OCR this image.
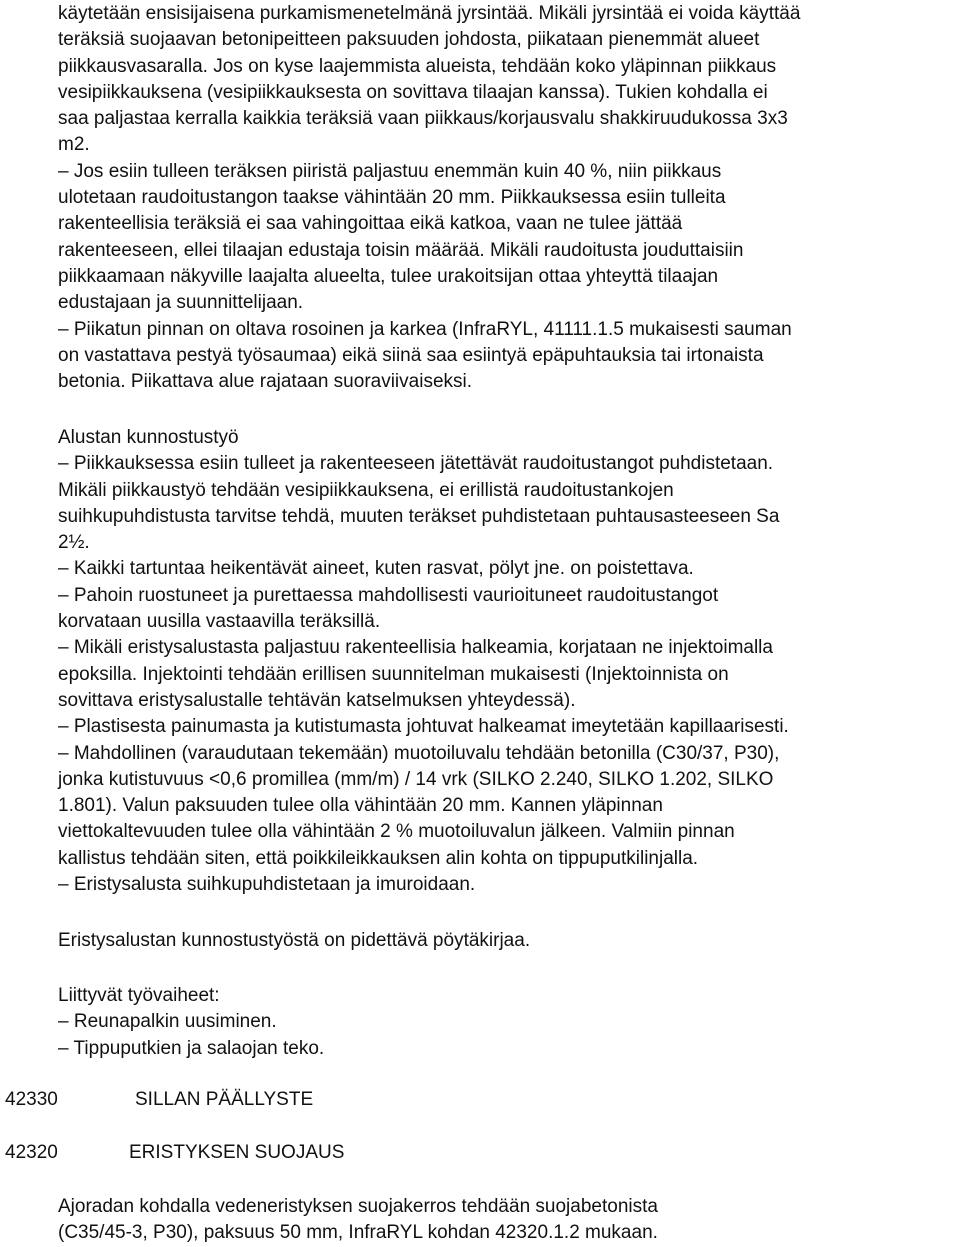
käytetään ensisijaisena purkamismenetelmänä jyrsintää. Mikäli jyrsintää ei voida käyttää
teräksiä suojaavan betonipeitteen paksuuden johdosta, piikataan pienemmät alueet
piikkausvasaralla. Jos on kyse laajemmista alueista, tehdään koko yläpinnan piikkaus
vesipiikkauksena (vesipiikkauksesta on sovittava tilaajan kanssa). Tukien kohdalla ei
saa paljastaa kerralla kaikkia teräksiä vaan piikkaus/korjausvalu shakkiruudukossa 3x3
m2.
– Jos esiin tulleen teräksen piiristä paljastuu enemmän kuin 40 %, niin piikkaus
ulotetaan raudoitustangon taakse vähintään 20 mm. Piikkauksessa esiin tulleita
rakenteellisia teräksiä ei saa vahingoittaa eikä katkoa, vaan ne tulee jättää
rakenteeseen, ellei tilaajan edustaja toisin määrää. Mikäli raudoitusta jouduttaisiin
piikkaamaan näkyville laajalta alueelta, tulee urakoitsijan ottaa yhteyttä tilaajan
edustajaan ja suunnittelijaan.
– Piikatun pinnan on oltava rosoinen ja karkea (InfraRYL, 41111.1.5 mukaisesti sauman
on vastattava pestyä työsaumaa) eikä siinä saa esiintyä epäpuhtauksia tai irtonaista
betonia. Piikattava alue rajataan suoraviivaiseksi.

Alustan kunnostustyö
– Piikkauksessa esiin tulleet ja rakenteeseen jätettävät raudoitustangot puhdistetaan.
Mikäli piikkaustyö tehdään vesipiikkauksena, ei erillistä raudoitustankojen
suihkupuhdistusta tarvitse tehdä, muuten teräkset puhdistetaan puhtausasteeseen Sa
2½.
– Kaikki tartuntaa heikentävät aineet, kuten rasvat, pölyt jne. on poistettava.
– Pahoin ruostuneet ja purettaessa mahdollisesti vaurioituneet raudoitustangot
korvataan uusilla vastaavilla teräksillä.
– Mikäli eristysalustasta paljastuu rakenteellisia halkeamia, korjataan ne injektoimalla
epoksilla. Injektointi tehdään erillisen suunnitelman mukaisesti (Injektoinnista on
sovittava eristysalustalle tehtävän katselmuksen yhteydessä).
– Plastisesta painumasta ja kutistumasta johtuvat halkeamat imeytetään kapillaarisesti.
– Mahdollinen (varaudutaan tekemään) muotoiluvalu tehdään betonilla (C30/37, P30),
jonka kutistuvuus <0,6 promillea (mm/m) / 14 vrk (SILKO 2.240, SILKO 1.202, SILKO
1.801). Valun paksuuden tulee olla vähintään 20 mm. Kannen yläpinnan
viettokaltevuuden tulee olla vähintään 2 % muotoiluvalun jälkeen. Valmiin pinnan
kallistus tehdään siten, että poikkileikkauksen alin kohta on tippuputkilinjalla.
– Eristysalusta suihkupuhdistetaan ja imuroidaan.

Eristysalustan kunnostustyöstä on pidettävä pöytäkirjaa.

Liittyvät työvaiheet:
– Reunapalkin uusiminen.
– Tippuputkien ja salaojan teko.

42330	SILLAN PÄÄLLYSTE
42320	ERISTYKSEN SUOJAUS

Ajoradan kohdalla vedeneristyksen suojakerros tehdään suojabetonista
(C35/45-3, P30), paksuus 50 mm, InfraRYL kohdan 42320.1.2 mukaan.
